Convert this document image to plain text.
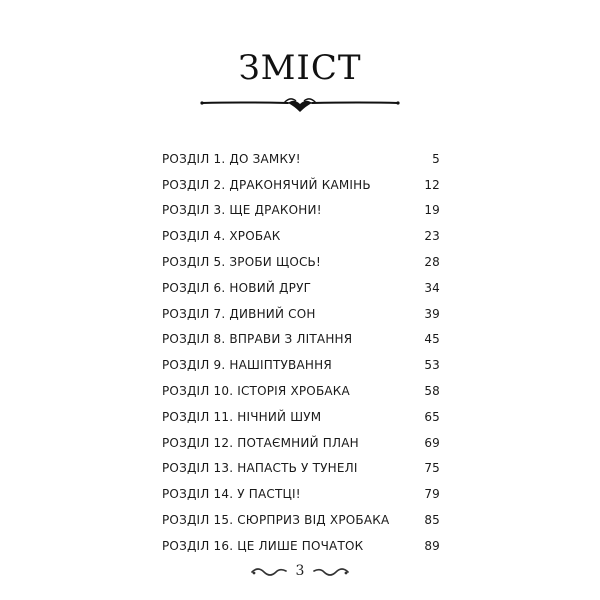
ЗМІСТ
РОЗДІЛ 1. ДО ЗАМКУ!	5
РОЗДІЛ 2. ДРАКОНЯЧИЙ КАМІНЬ	12
РОЗДІЛ 3. ЩЕ ДРАКОНИ!	19
РОЗДІЛ 4. ХРОБАК	23
РОЗДІЛ 5. ЗРОБИ ЩОСЬ!	28
РОЗДІЛ 6. НОВИЙ ДРУГ	34
РОЗДІЛ 7. ДИВНИЙ СОН	39
РОЗДІЛ 8. ВПРАВИ З ЛІТАННЯ	45
РОЗДІЛ 9. НАШІПТУВАННЯ	53
РОЗДІЛ 10. ІСТОРІЯ ХРОБАКА	58
РОЗДІЛ 11. НІЧНИЙ ШУМ	65
РОЗДІЛ 12. ПОТАЄМНИЙ ПЛАН	69
РОЗДІЛ 13. НАПАСТЬ У ТУНЕЛІ	75
РОЗДІЛ 14. У ПАСТЦІ!	79
РОЗДІЛ 15. СЮРПРИЗ ВІД ХРОБАКА	85
РОЗДІЛ 16. ЦЕ ЛИШЕ ПОЧАТОК	89
3
